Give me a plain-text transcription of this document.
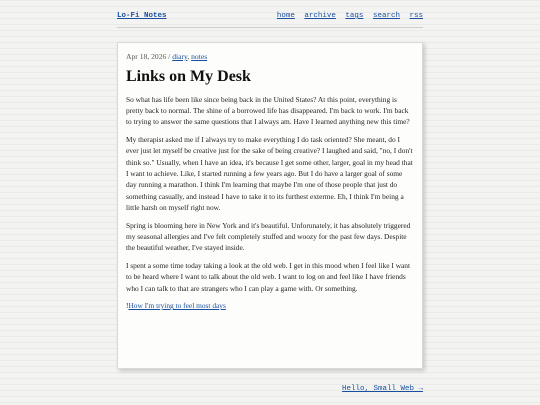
Lo-Fi Notes	home archive tags search rss
Apr 18, 2026 / diary, notes
Links on My Desk

So what has life been like since being back in the United States? At this point, everything is pretty back to normal. The shine of a borrowed life has disappeared. I'm back to work. I'm back to trying to answer the same questions that I always am. Have I learned anything new this time?

My therapist asked me if I always try to make everything I do task oriented? She meant, do I ever just let myself be creative just for the sake of being creative? I laughed and said, "no, I don't think so." Usually, when I have an idea, it's because I get some other, larger, goal in my head that I want to achieve. Like, I started running a few years ago. But I do have a larger goal of some day running a marathon. I think I'm learning that maybe I'm one of those people that just do something casually, and instead I have to take it to its furthest exterme. Eh, I think I'm being a little harsh on myself right now.

Spring is blooming here in New York and it's beautiful. Unforunately, it has absolutely triggered my seasonal allergies and I've felt completely stuffed and woozy for the past few days. Despite the beautiful weather, I've stayed inside.

I spent a some time today taking a look at the old web. I get in this mood when I feel like I want to be heard where I want to talk about the old web. I want to log on and feel like I have friends who I can talk to that are strangers who I can play a game with. Or something.

!How I'm trying to feel most days

Hello, Small Web →
